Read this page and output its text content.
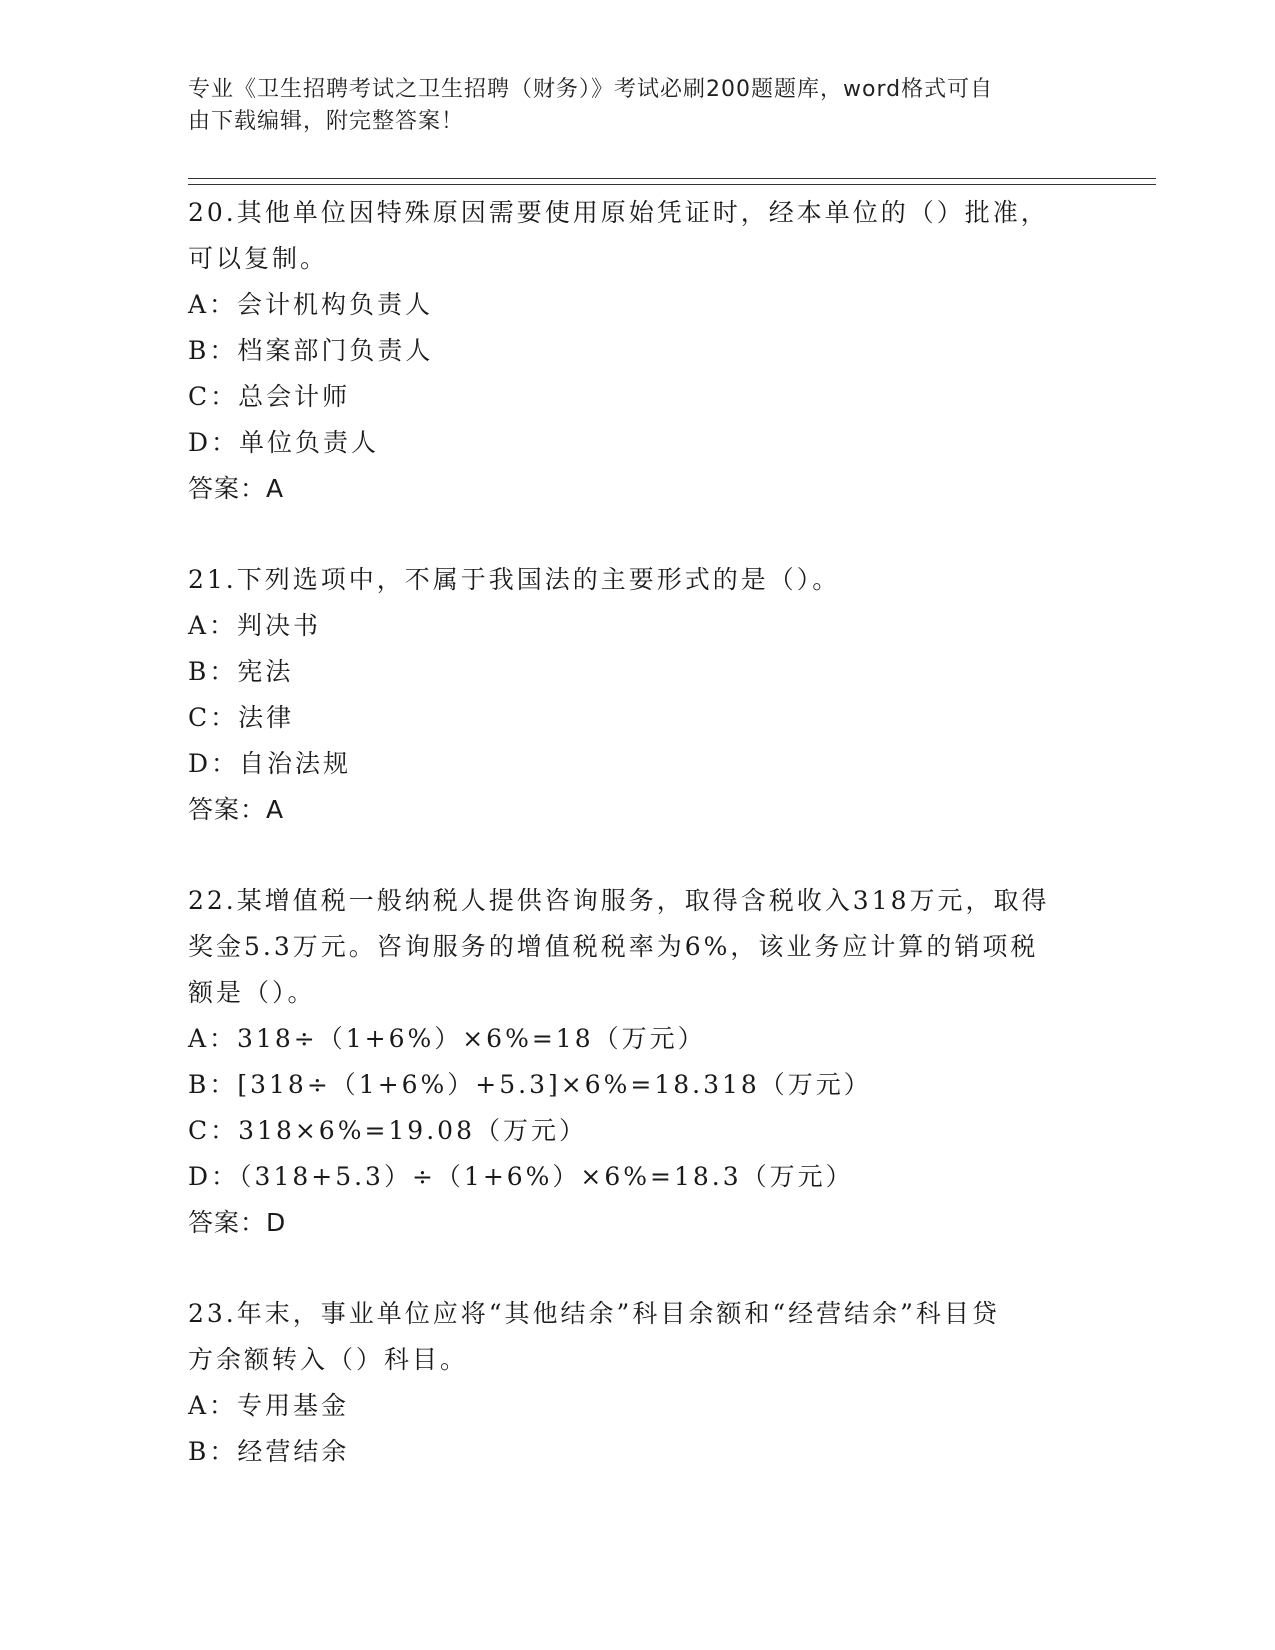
专业《卫生招聘考试之卫生招聘（财务）》考试必刷200题题库，word格式可自
由下载编辑，附完整答案！
20.其他单位因特殊原因需要使用原始凭证时，经本单位的（）批准，
可以复制。
A：会计机构负责人
B：档案部门负责人
C：总会计师
D：单位负责人
答案：A
21.下列选项中，不属于我国法的主要形式的是（）。
A：判决书
B：宪法
C：法律
D：自治法规
答案：A
22.某增值税一般纳税人提供咨询服务，取得含税收入318万元，取得
奖金5.3万元。咨询服务的增值税税率为6%，该业务应计算的销项税
额是（）。
A：318÷（1+6%）×6%=18（万元）
B：[318÷（1+6%）+5.3]×6%=18.318（万元）
C：318×6%=19.08（万元）
D：（318+5.3）÷（1+6%）×6%=18.3（万元）
答案：D
23.年末，事业单位应将“其他结余”科目余额和“经营结余”科目贷
方余额转入（）科目。
A：专用基金
B：经营结余
